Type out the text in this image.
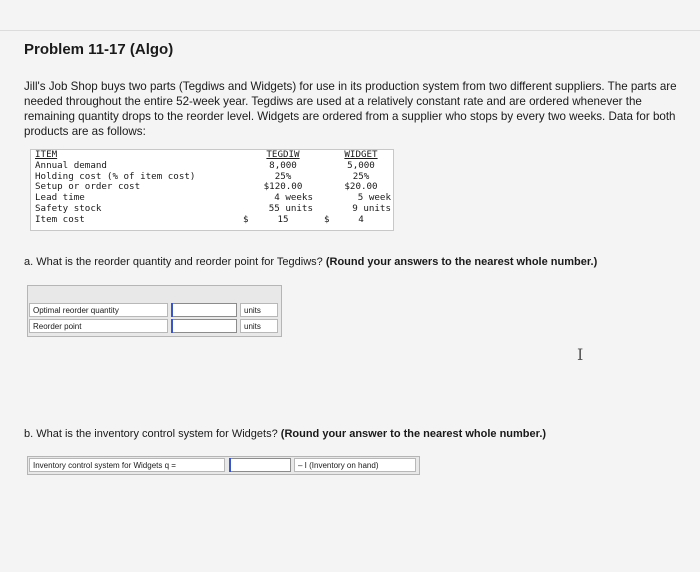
Problem 11-17 (Algo)
Jill's Job Shop buys two parts (Tegdiws and Widgets) for use in its production system from two different suppliers. The parts are needed throughout the entire 52-week year. Tegdiws are used at a relatively constant rate and are ordered whenever the remaining quantity drops to the reorder level. Widgets are ordered from a supplier who stops by every two weeks. Data for both products are as follows:
ITEM	TEGDIW	WIDGET
Annual demand	8,000	5,000
Holding cost (% of item cost)	25%	25%
Setup or order cost	$120.00	$20.00
Lead time	4 weeks	5 week
Safety stock	55 units	9 units
Item cost	$	15	$	4
a. What is the reorder quantity and reorder point for Tegdiws? (Round your answers to the nearest whole number.)
Optimal reorder quantity	units
Reorder point	units
I
b. What is the inventory control system for Widgets? (Round your answer to the nearest whole number.)
Inventory control system for Widgets q =	– I (Inventory on hand)
